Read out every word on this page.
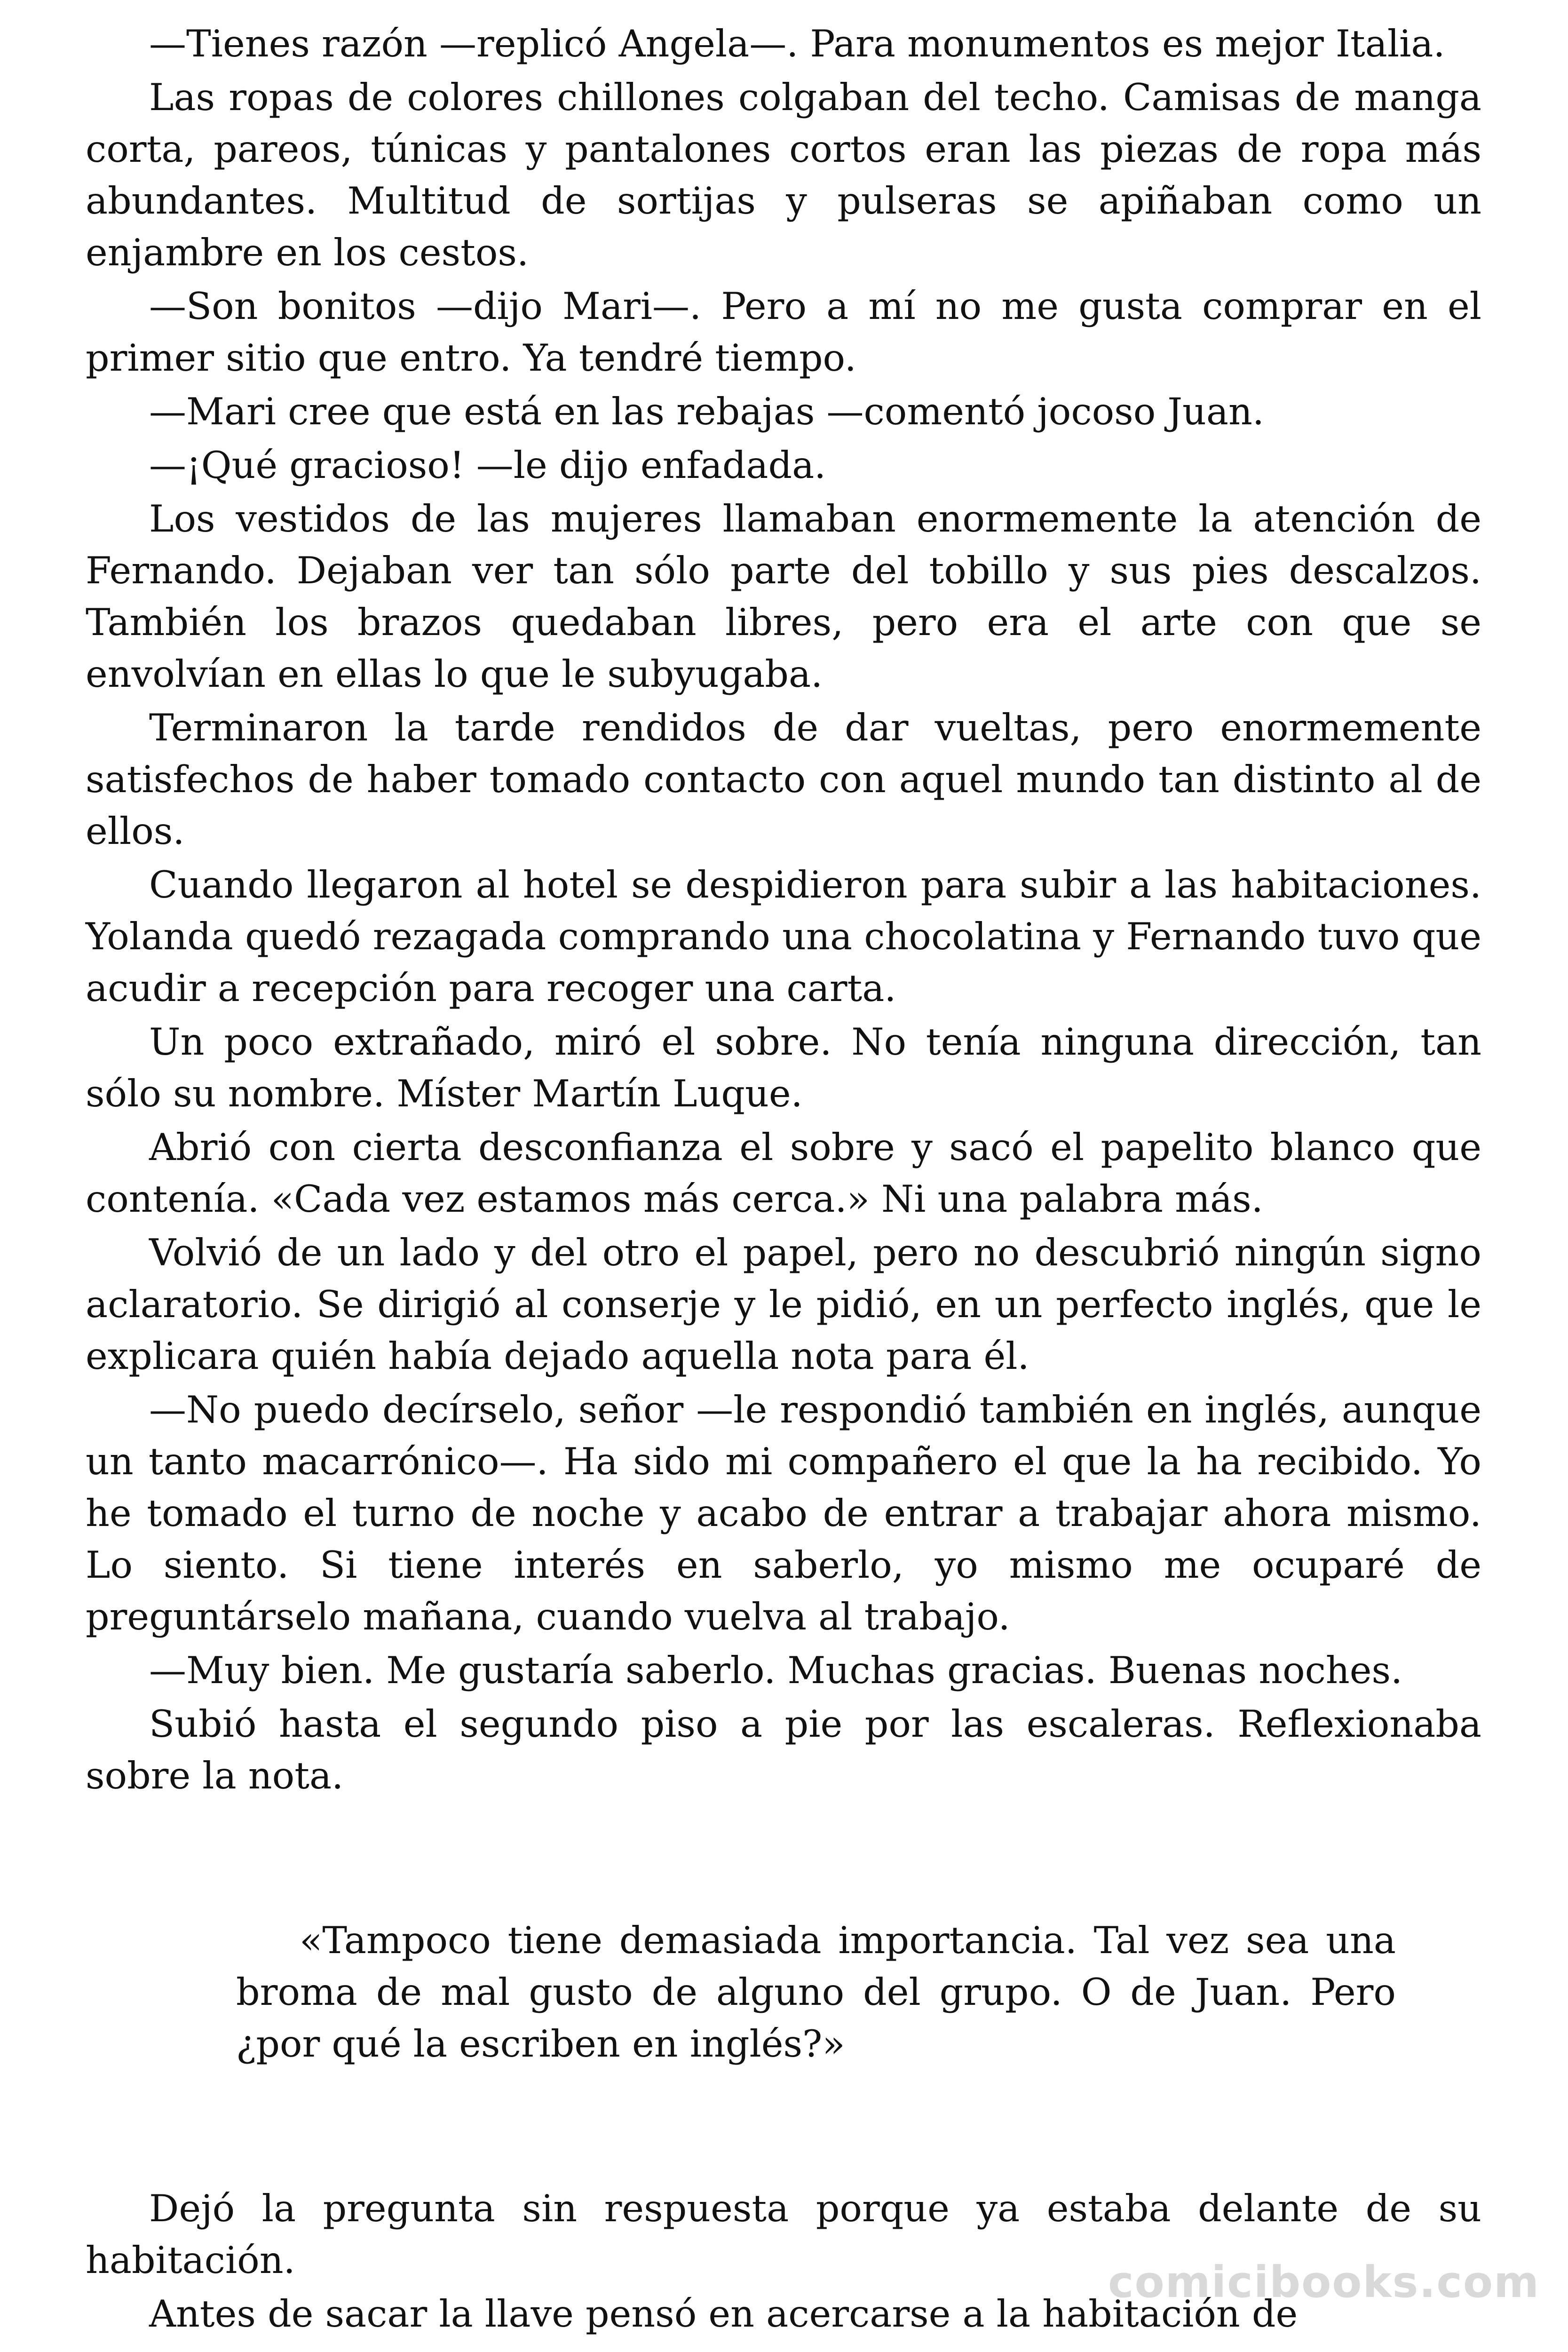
—Tienes razón —replicó Angela—. Para monumentos es mejor Italia.

Las ropas de colores chillones colgaban del techo. Camisas de manga corta, pareos, túnicas y pantalones cortos eran las piezas de ropa más abundantes. Multitud de sortijas y pulseras se apiñaban como un enjambre en los cestos.

—Son bonitos —dijo Mari—. Pero a mí no me gusta comprar en el primer sitio que entro. Ya tendré tiempo.

—Mari cree que está en las rebajas —comentó jocoso Juan.

—¡Qué gracioso! —le dijo enfadada.

Los vestidos de las mujeres llamaban enormemente la atención de Fernando. Dejaban ver tan sólo parte del tobillo y sus pies descalzos. También los brazos quedaban libres, pero era el arte con que se envolvían en ellas lo que le subyugaba.

Terminaron la tarde rendidos de dar vueltas, pero enormemente satisfechos de haber tomado contacto con aquel mundo tan distinto al de ellos.

Cuando llegaron al hotel se despidieron para subir a las habitaciones. Yolanda quedó rezagada comprando una chocolatina y Fernando tuvo que acudir a recepción para recoger una carta.

Un poco extrañado, miró el sobre. No tenía ninguna dirección, tan sólo su nombre. Míster Martín Luque.

Abrió con cierta desconfianza el sobre y sacó el papelito blanco que contenía. «Cada vez estamos más cerca.» Ni una palabra más.

Volvió de un lado y del otro el papel, pero no descubrió ningún signo aclaratorio. Se dirigió al conserje y le pidió, en un perfecto inglés, que le explicara quién había dejado aquella nota para él.

—No puedo decírselo, señor —le respondió también en inglés, aunque un tanto macarrónico—. Ha sido mi compañero el que la ha recibido. Yo he tomado el turno de noche y acabo de entrar a trabajar ahora mismo. Lo siento. Si tiene interés en saberlo, yo mismo me ocuparé de preguntárselo mañana, cuando vuelva al trabajo.

—Muy bien. Me gustaría saberlo. Muchas gracias. Buenas noches.

Subió hasta el segundo piso a pie por las escaleras. Reflexionaba sobre la nota.

«Tampoco tiene demasiada importancia. Tal vez sea una broma de mal gusto de alguno del grupo. O de Juan. Pero ¿por qué la escriben en inglés?»

Dejó la pregunta sin respuesta porque ya estaba delante de su habitación.

Antes de sacar la llave pensó en acercarse a la habitación de

comicibooks.com
